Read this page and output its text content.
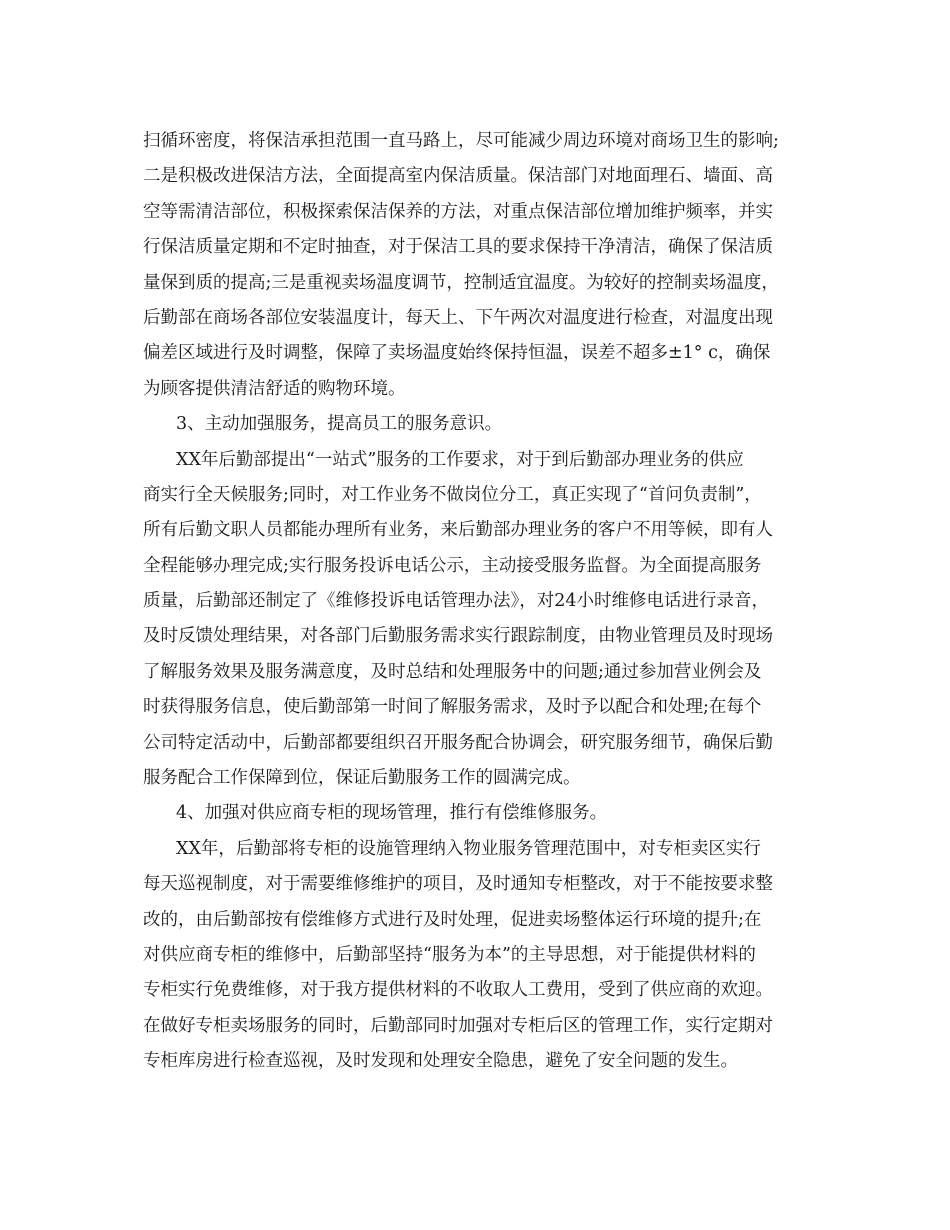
扫循环密度，将保洁承担范围一直马路上，尽可能减少周边环境对商场卫生的影响;
二是积极改进保洁方法，全面提高室内保洁质量。保洁部门对地面理石、墙面、高
空等需清洁部位，积极探索保洁保养的方法，对重点保洁部位增加维护频率，并实
行保洁质量定期和不定时抽查，对于保洁工具的要求保持干净清洁，确保了保洁质
量保到质的提高;三是重视卖场温度调节，控制适宜温度。为较好的控制卖场温度，
后勤部在商场各部位安装温度计，每天上、下午两次对温度进行检查，对温度出现
偏差区域进行及时调整，保障了卖场温度始终保持恒温，误差不超多±1° c，确保
为顾客提供清洁舒适的购物环境。
3、主动加强服务，提高员工的服务意识。
XX年后勤部提出“一站式”服务的工作要求，对于到后勤部办理业务的供应
商实行全天候服务;同时，对工作业务不做岗位分工，真正实现了“首问负责制”，
所有后勤文职人员都能办理所有业务，来后勤部办理业务的客户不用等候，即有人
全程能够办理完成;实行服务投诉电话公示，主动接受服务监督。为全面提高服务
质量，后勤部还制定了《维修投诉电话管理办法》，对24小时维修电话进行录音，
及时反馈处理结果，对各部门后勤服务需求实行跟踪制度，由物业管理员及时现场
了解服务效果及服务满意度，及时总结和处理服务中的问题;通过参加营业例会及
时获得服务信息，使后勤部第一时间了解服务需求，及时予以配合和处理;在每个
公司特定活动中，后勤部都要组织召开服务配合协调会，研究服务细节，确保后勤
服务配合工作保障到位，保证后勤服务工作的圆满完成。
4、加强对供应商专柜的现场管理，推行有偿维修服务。
XX年，后勤部将专柜的设施管理纳入物业服务管理范围中，对专柜卖区实行
每天巡视制度，对于需要维修维护的项目，及时通知专柜整改，对于不能按要求整
改的，由后勤部按有偿维修方式进行及时处理，促进卖场整体运行环境的提升;在
对供应商专柜的维修中，后勤部坚持“服务为本”的主导思想，对于能提供材料的
专柜实行免费维修，对于我方提供材料的不收取人工费用，受到了供应商的欢迎。
在做好专柜卖场服务的同时，后勤部同时加强对专柜后区的管理工作，实行定期对
专柜库房进行检查巡视，及时发现和处理安全隐患，避免了安全问题的发生。
